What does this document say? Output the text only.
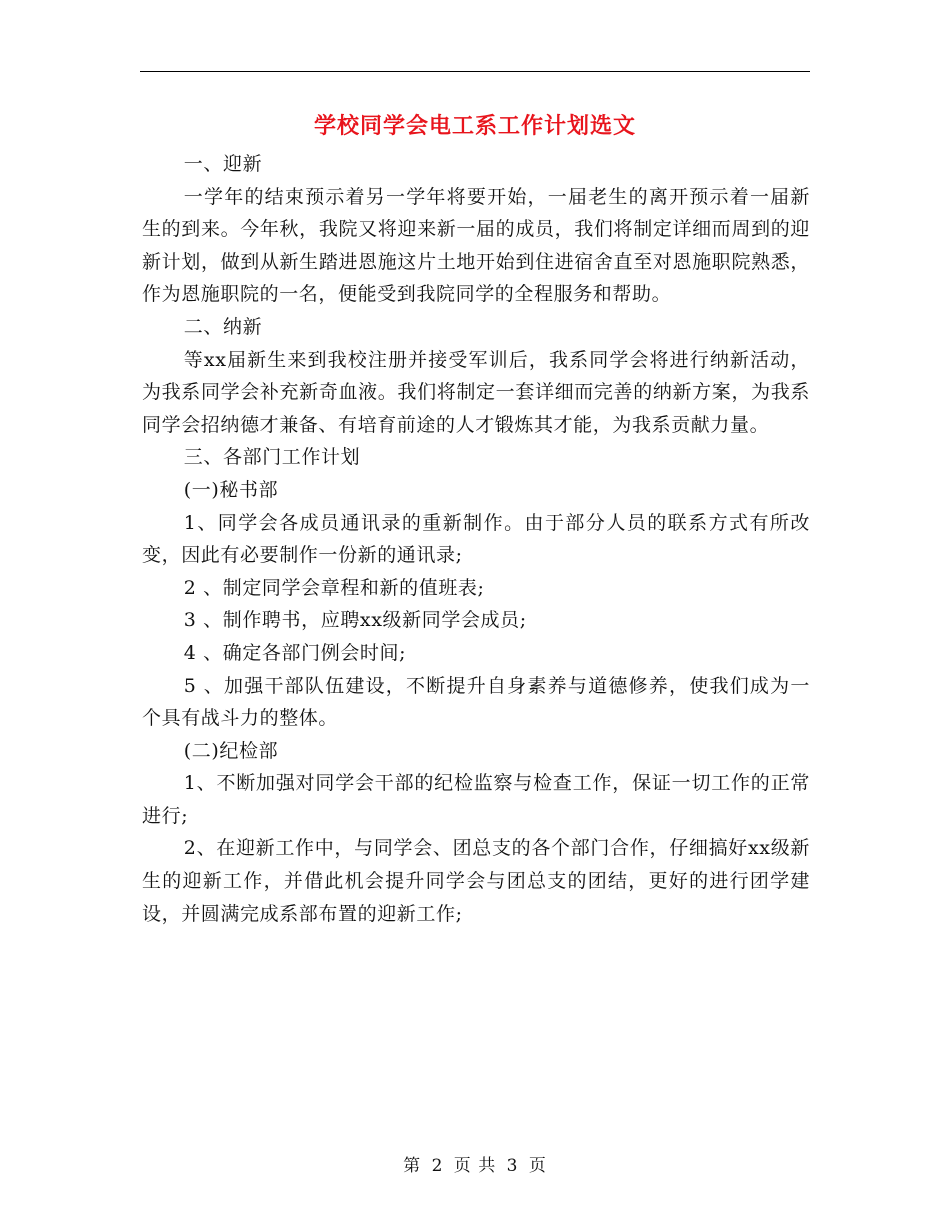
学校同学会电工系工作计划选文

一、迎新

一学年的结束预示着另一学年将要开始，一届老生的离开预示着一届新生的到来。今年秋，我院又将迎来新一届的成员，我们将制定详细而周到的迎新计划，做到从新生踏进恩施这片土地开始到住进宿舍直至对恩施职院熟悉，作为恩施职院的一名，便能受到我院同学的全程服务和帮助。

二、纳新

等xx届新生来到我校注册并接受军训后，我系同学会将进行纳新活动，为我系同学会补充新奇血液。我们将制定一套详细而完善的纳新方案，为我系同学会招纳德才兼备、有培育前途的人才锻炼其才能，为我系贡献力量。

三、各部门工作计划

(一)秘书部

1、同学会各成员通讯录的重新制作。由于部分人员的联系方式有所改变，因此有必要制作一份新的通讯录;

2 、制定同学会章程和新的值班表;

3 、制作聘书，应聘xx级新同学会成员;

4 、确定各部门例会时间;

5 、加强干部队伍建设，不断提升自身素养与道德修养，使我们成为一个具有战斗力的整体。

(二)纪检部

1、不断加强对同学会干部的纪检监察与检查工作，保证一切工作的正常进行;

2、在迎新工作中，与同学会、团总支的各个部门合作，仔细搞好xx级新生的迎新工作，并借此机会提升同学会与团总支的团结，更好的进行团学建设，并圆满完成系部布置的迎新工作;

第 2 页 共 3 页
